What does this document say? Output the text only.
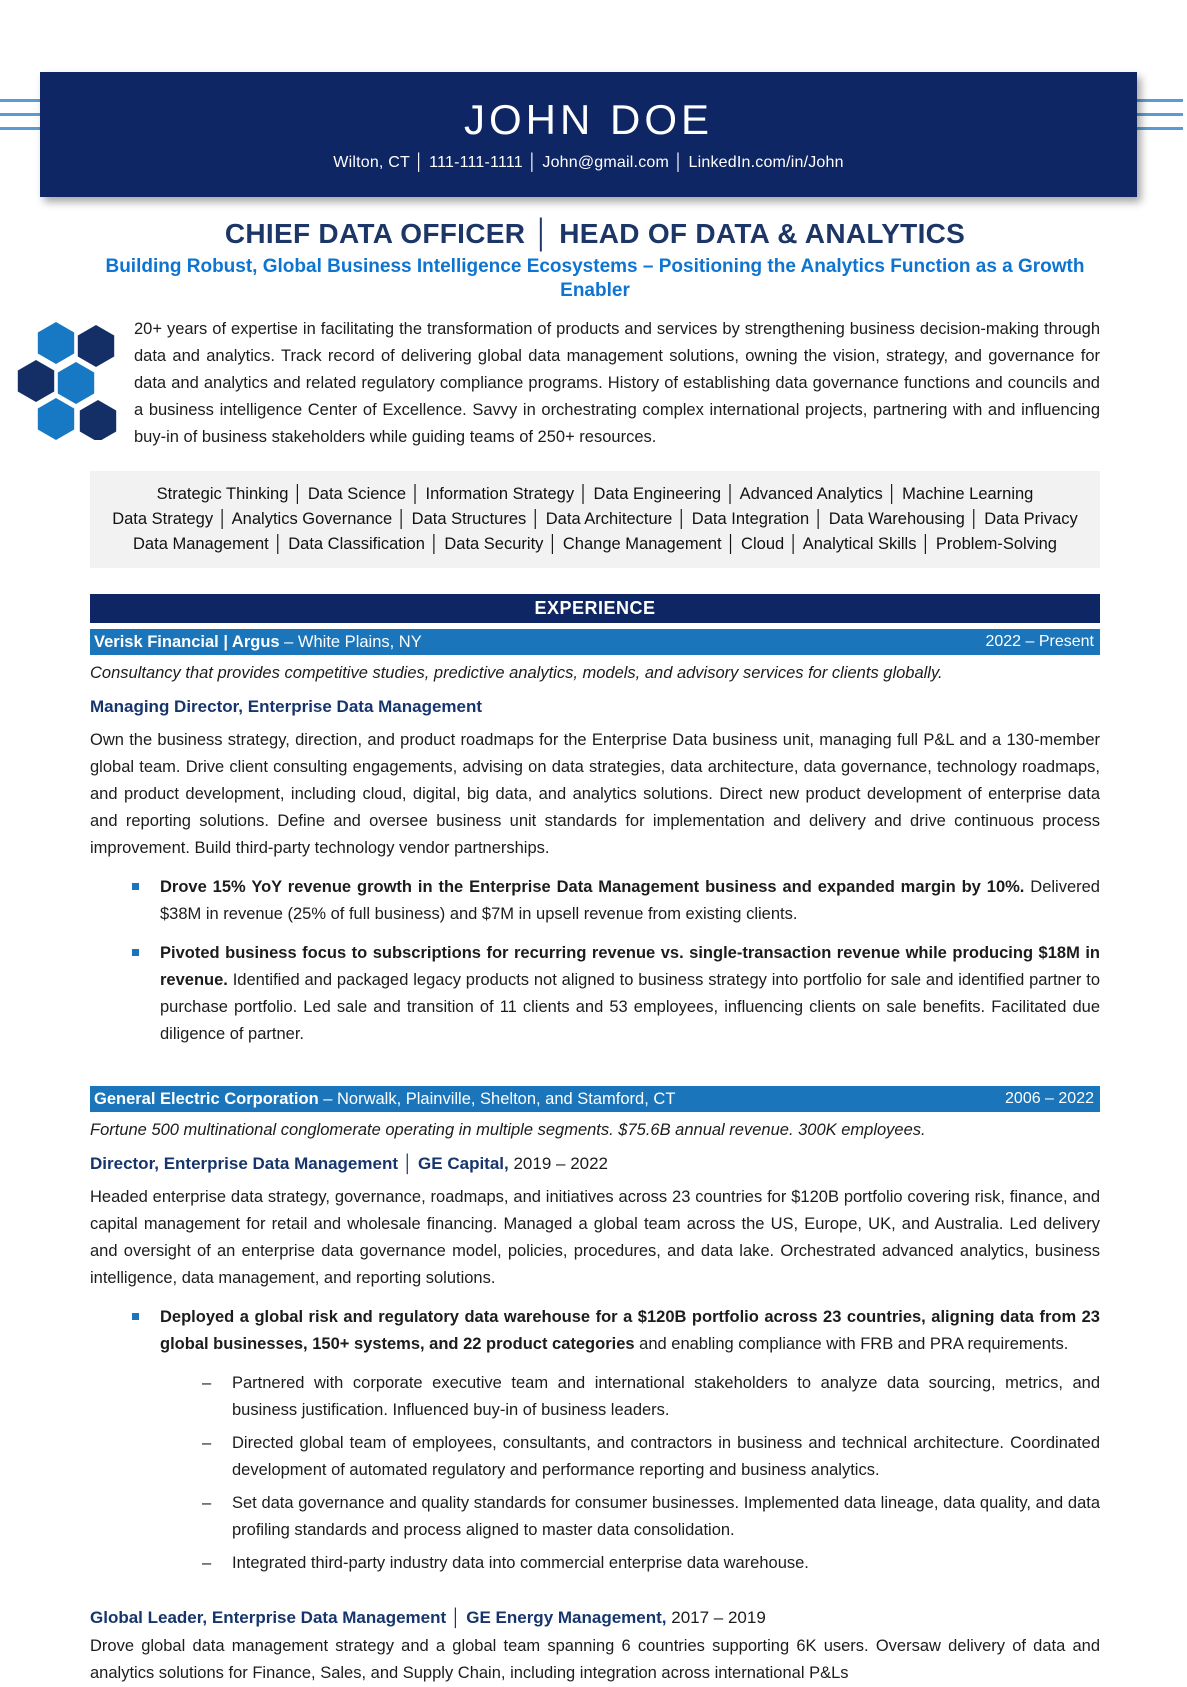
JOHN DOE
Wilton, CT │ 111-111-1111 │ John@gmail.com │ LinkedIn.com/in/John
CHIEF DATA OFFICER │ HEAD OF DATA & ANALYTICS
Building Robust, Global Business Intelligence Ecosystems – Positioning the Analytics Function as a Growth Enabler
20+ years of expertise in facilitating the transformation of products and services by strengthening business decision-making through data and analytics. Track record of delivering global data management solutions, owning the vision, strategy, and governance for data and analytics and related regulatory compliance programs. History of establishing data governance functions and councils and a business intelligence Center of Excellence. Savvy in orchestrating complex international projects, partnering with and influencing buy-in of business stakeholders while guiding teams of 250+ resources.
Strategic Thinking │ Data Science │ Information Strategy │ Data Engineering │ Advanced Analytics │ Machine Learning
Data Strategy │ Analytics Governance │ Data Structures │ Data Architecture │ Data Integration │ Data Warehousing │ Data Privacy
Data Management │ Data Classification │ Data Security │ Change Management │ Cloud │ Analytical Skills │ Problem-Solving
EXPERIENCE
Verisk Financial | Argus – White Plains, NY	2022 – Present
Consultancy that provides competitive studies, predictive analytics, models, and advisory services for clients globally.
Managing Director, Enterprise Data Management
Own the business strategy, direction, and product roadmaps for the Enterprise Data business unit, managing full P&L and a 130-member global team. Drive client consulting engagements, advising on data strategies, data architecture, data governance, technology roadmaps, and product development, including cloud, digital, big data, and analytics solutions. Direct new product development of enterprise data and reporting solutions. Define and oversee business unit standards for implementation and delivery and drive continuous process improvement. Build third-party technology vendor partnerships.
Drove 15% YoY revenue growth in the Enterprise Data Management business and expanded margin by 10%. Delivered $38M in revenue (25% of full business) and $7M in upsell revenue from existing clients.
Pivoted business focus to subscriptions for recurring revenue vs. single-transaction revenue while producing $18M in revenue. Identified and packaged legacy products not aligned to business strategy into portfolio for sale and identified partner to purchase portfolio. Led sale and transition of 11 clients and 53 employees, influencing clients on sale benefits. Facilitated due diligence of partner.
General Electric Corporation – Norwalk, Plainville, Shelton, and Stamford, CT	2006 – 2022
Fortune 500 multinational conglomerate operating in multiple segments. $75.6B annual revenue. 300K employees.
Director, Enterprise Data Management │ GE Capital, 2019 – 2022
Headed enterprise data strategy, governance, roadmaps, and initiatives across 23 countries for $120B portfolio covering risk, finance, and capital management for retail and wholesale financing. Managed a global team across the US, Europe, UK, and Australia. Led delivery and oversight of an enterprise data governance model, policies, procedures, and data lake. Orchestrated advanced analytics, business intelligence, data management, and reporting solutions.
Deployed a global risk and regulatory data warehouse for a $120B portfolio across 23 countries, aligning data from 23 global businesses, 150+ systems, and 22 product categories and enabling compliance with FRB and PRA requirements.
– Partnered with corporate executive team and international stakeholders to analyze data sourcing, metrics, and business justification. Influenced buy-in of business leaders.
– Directed global team of employees, consultants, and contractors in business and technical architecture. Coordinated development of automated regulatory and performance reporting and business analytics.
– Set data governance and quality standards for consumer businesses. Implemented data lineage, data quality, and data profiling standards and process aligned to master data consolidation.
– Integrated third-party industry data into commercial enterprise data warehouse.
Global Leader, Enterprise Data Management │ GE Energy Management, 2017 – 2019
Drove global data management strategy and a global team spanning 6 countries supporting 6K users. Oversaw delivery of data and analytics solutions for Finance, Sales, and Supply Chain, including integration across international P&Ls
